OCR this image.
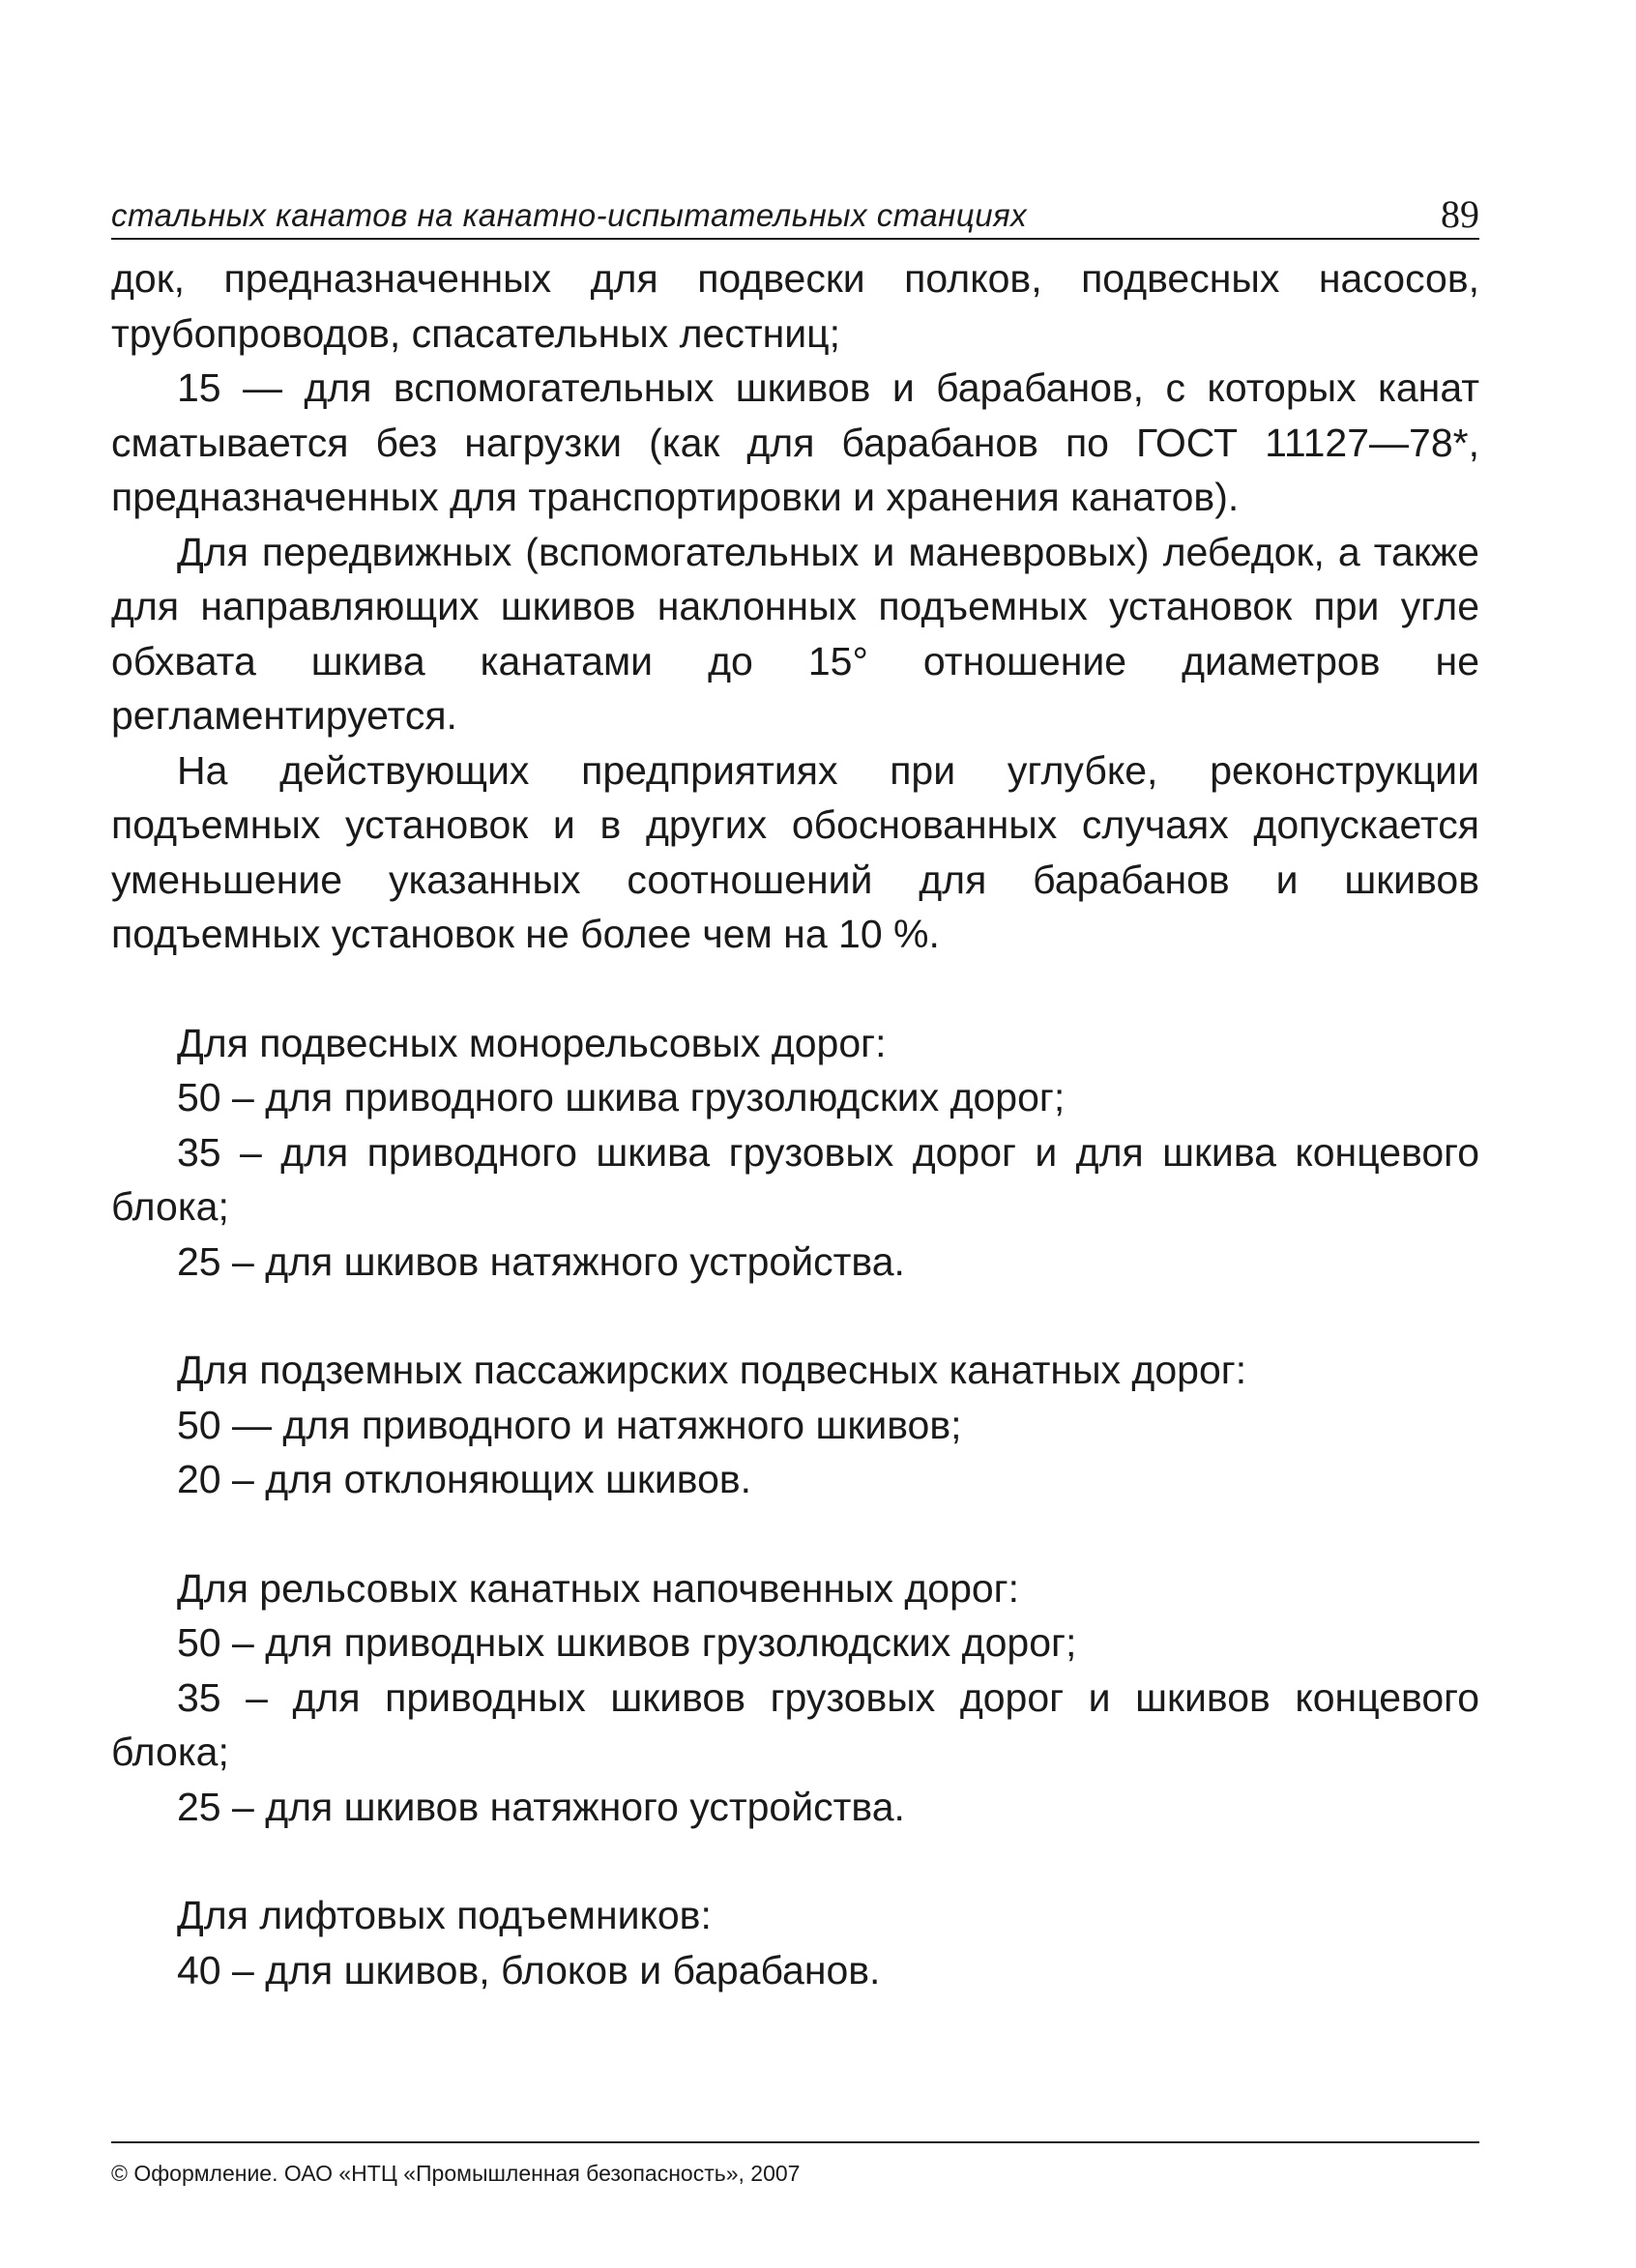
стальных канатов на канатно-испытательных станциях	89

док, предназначенных для подвески полков, подвесных насосов, трубопроводов, спасательных лестниц;

15 — для вспомогательных шкивов и барабанов, с которых канат сматывается без нагрузки (как для барабанов по ГОСТ 11127—78*, предназначенных для транспортировки и хранения канатов).

Для передвижных (вспомогательных и маневровых) лебедок, а также для направляющих шкивов наклонных подъемных установок при угле обхвата шкива канатами до 15° отношение диаметров не регламентируется.

На действующих предприятиях при углубке, реконструкции подъемных установок и в других обоснованных случаях допускается уменьшение указанных соотношений для барабанов и шкивов подъемных установок не более чем на 10 %.

Для подвесных монорельсовых дорог:

50 – для приводного шкива грузолюдских дорог;

35 – для приводного шкива грузовых дорог и для шкива концевого блока;

25 – для шкивов натяжного устройства.

Для подземных пассажирских подвесных канатных дорог:

50 — для приводного и натяжного шкивов;

20 – для отклоняющих шкивов.

Для рельсовых канатных напочвенных дорог:

50 – для приводных шкивов грузолюдских дорог;

35 – для приводных шкивов грузовых дорог и шкивов концевого блока;

25 – для шкивов натяжного устройства.

Для лифтовых подъемников:

40 – для шкивов, блоков и барабанов.

© Оформление. ОАО «НТЦ «Промышленная безопасность», 2007
